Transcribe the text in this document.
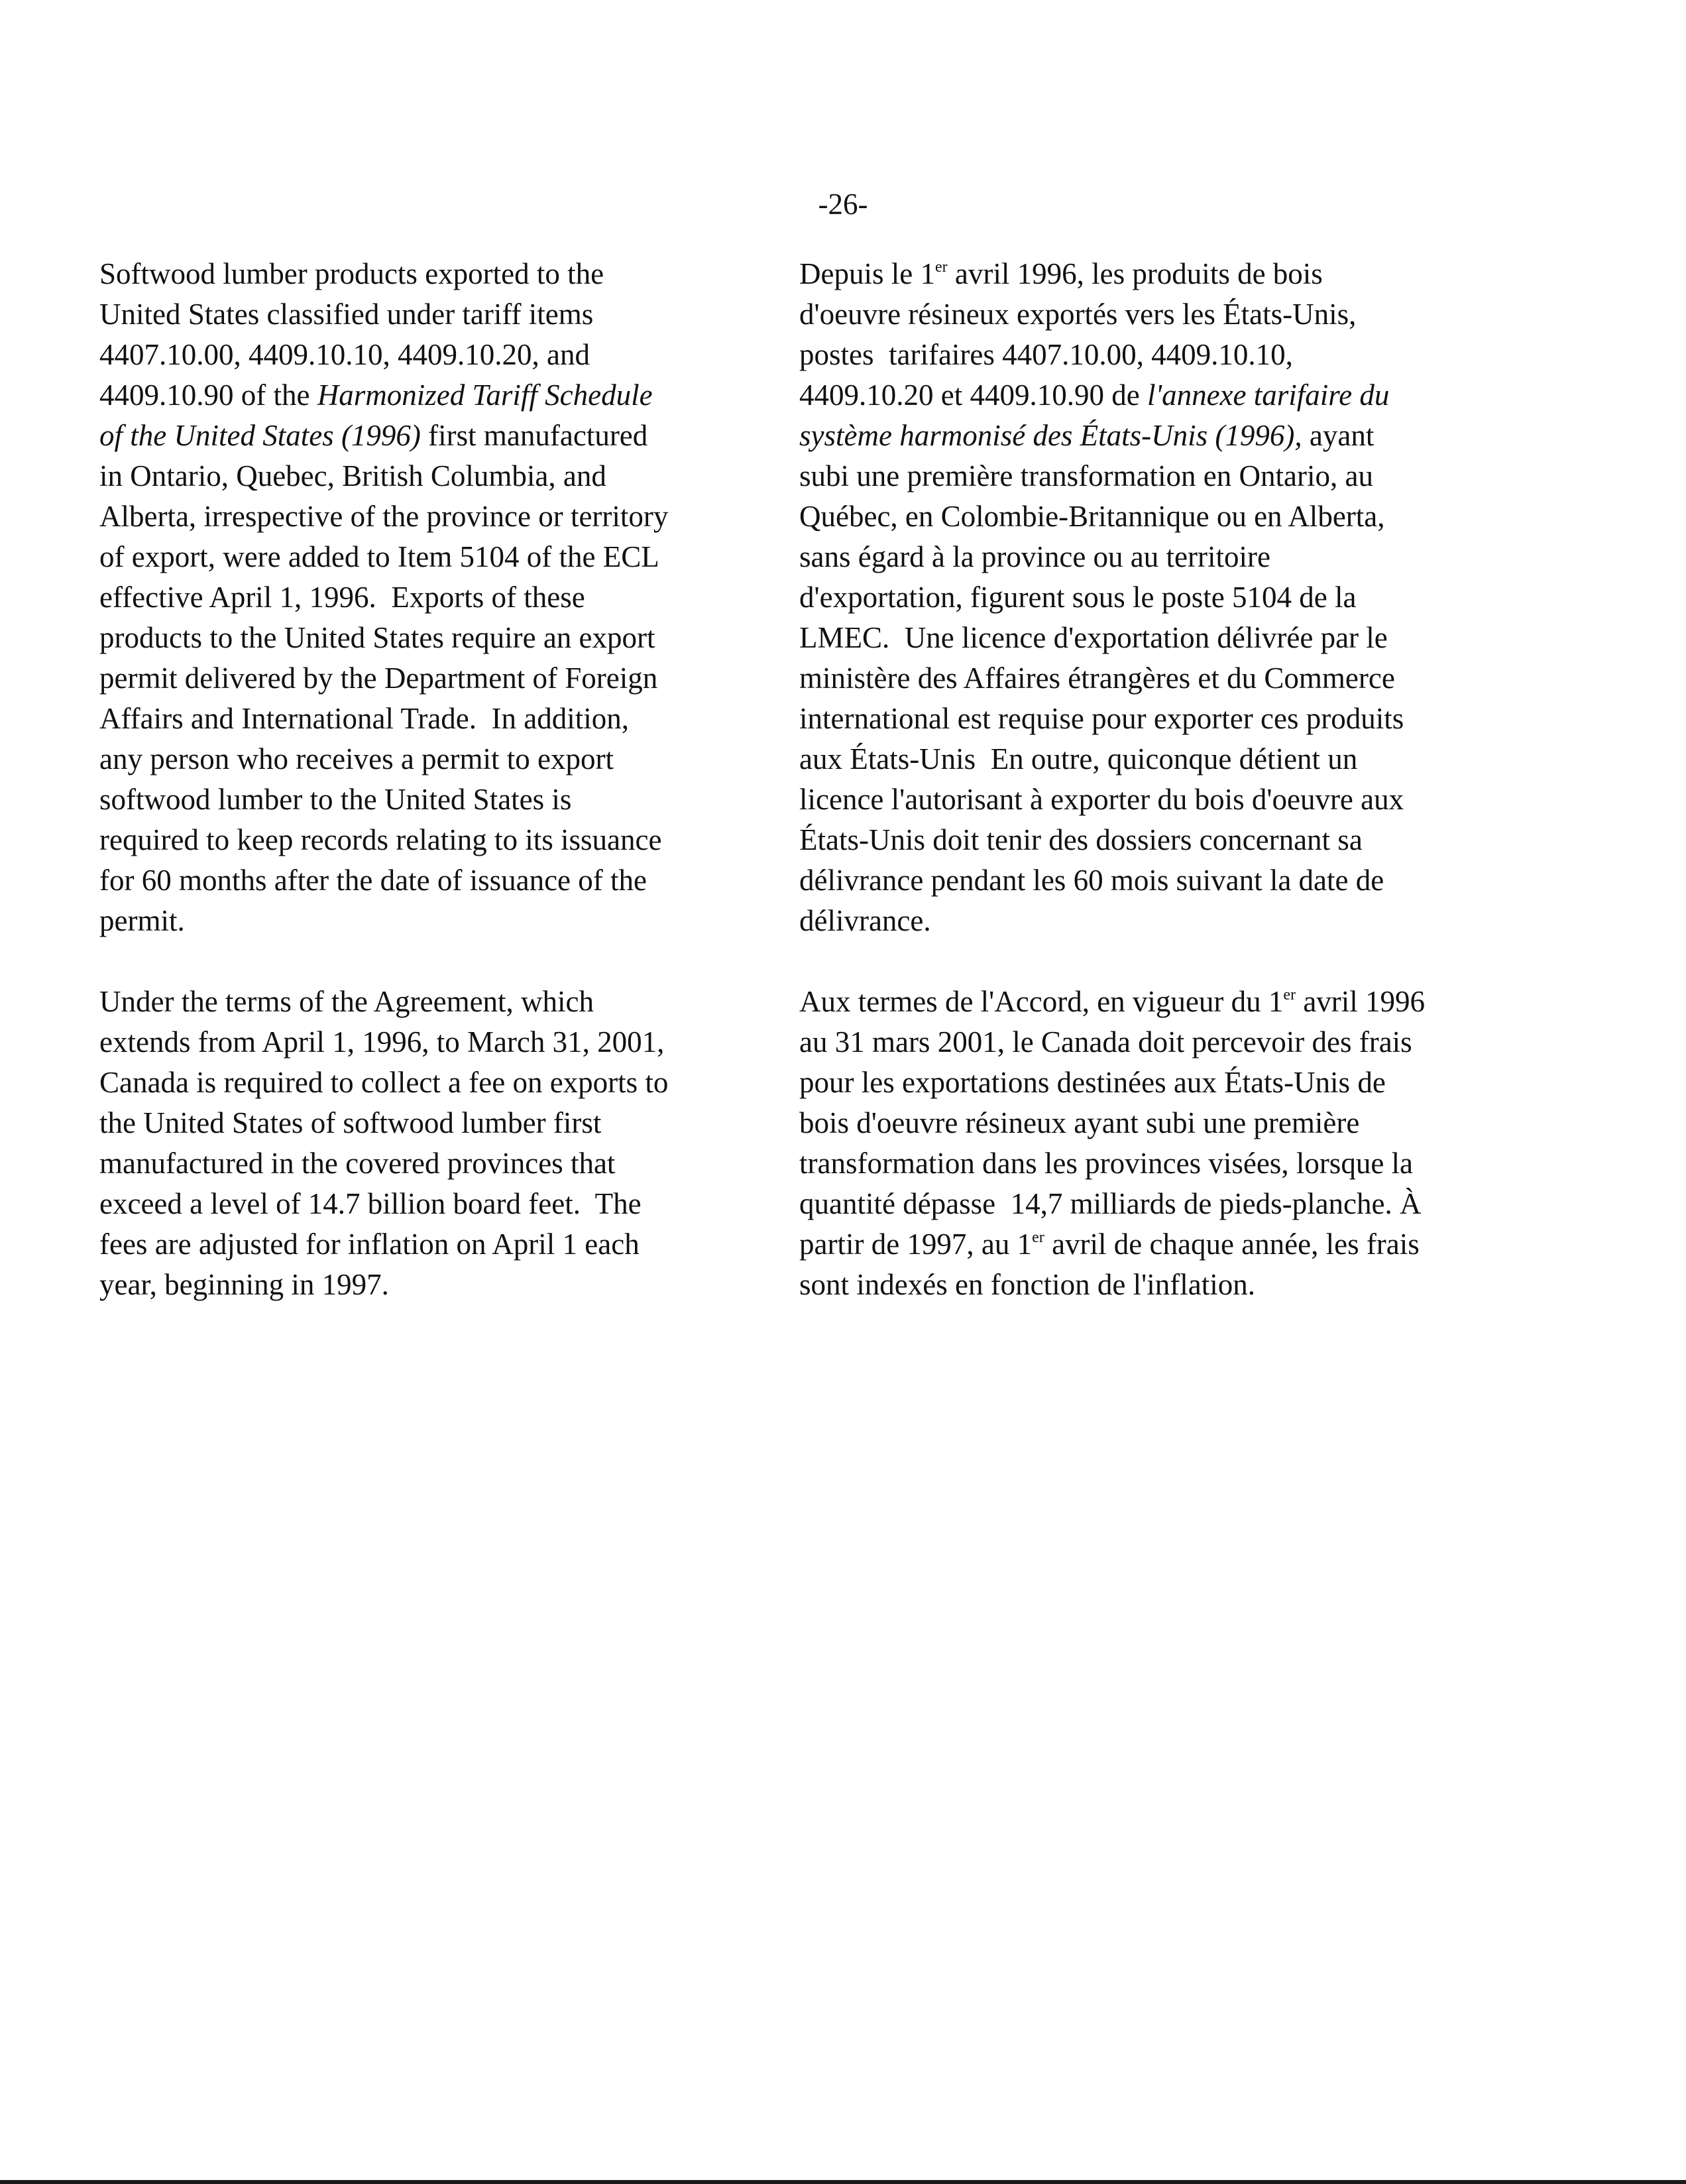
-26-
Softwood lumber products exported to the
United States classified under tariff items
4407.10.00, 4409.10.10, 4409.10.20, and
4409.10.90 of the Harmonized Tariff Schedule
of the United States (1996) first manufactured
in Ontario, Quebec, British Columbia, and
Alberta, irrespective of the province or territory
of export, were added to Item 5104 of the ECL
effective April 1, 1996.  Exports of these
products to the United States require an export
permit delivered by the Department of Foreign
Affairs and International Trade.  In addition,
any person who receives a permit to export
softwood lumber to the United States is
required to keep records relating to its issuance
for 60 months after the date of issuance of the
permit.
Under the terms of the Agreement, which
extends from April 1, 1996, to March 31, 2001,
Canada is required to collect a fee on exports to
the United States of softwood lumber first
manufactured in the covered provinces that
exceed a level of 14.7 billion board feet.  The
fees are adjusted for inflation on April 1 each
year, beginning in 1997.
Depuis le 1er avril 1996, les produits de bois
d'oeuvre résineux exportés vers les États-Unis,
postes  tarifaires 4407.10.00, 4409.10.10,
4409.10.20 et 4409.10.90 de l'annexe tarifaire du
système harmonisé des États-Unis (1996), ayant
subi une première transformation en Ontario, au
Québec, en Colombie-Britannique ou en Alberta,
sans égard à la province ou au territoire
d'exportation, figurent sous le poste 5104 de la
LMEC.  Une licence d'exportation délivrée par le
ministère des Affaires étrangères et du Commerce
international est requise pour exporter ces produits
aux États-Unis  En outre, quiconque détient un
licence l'autorisant à exporter du bois d'oeuvre aux
États-Unis doit tenir des dossiers concernant sa
délivrance pendant les 60 mois suivant la date de
délivrance.
Aux termes de l'Accord, en vigueur du 1er avril 1996
au 31 mars 2001, le Canada doit percevoir des frais
pour les exportations destinées aux États-Unis de
bois d'oeuvre résineux ayant subi une première
transformation dans les provinces visées, lorsque la
quantité dépasse  14,7 milliards de pieds-planche. À
partir de 1997, au 1er avril de chaque année, les frais
sont indexés en fonction de l'inflation.
